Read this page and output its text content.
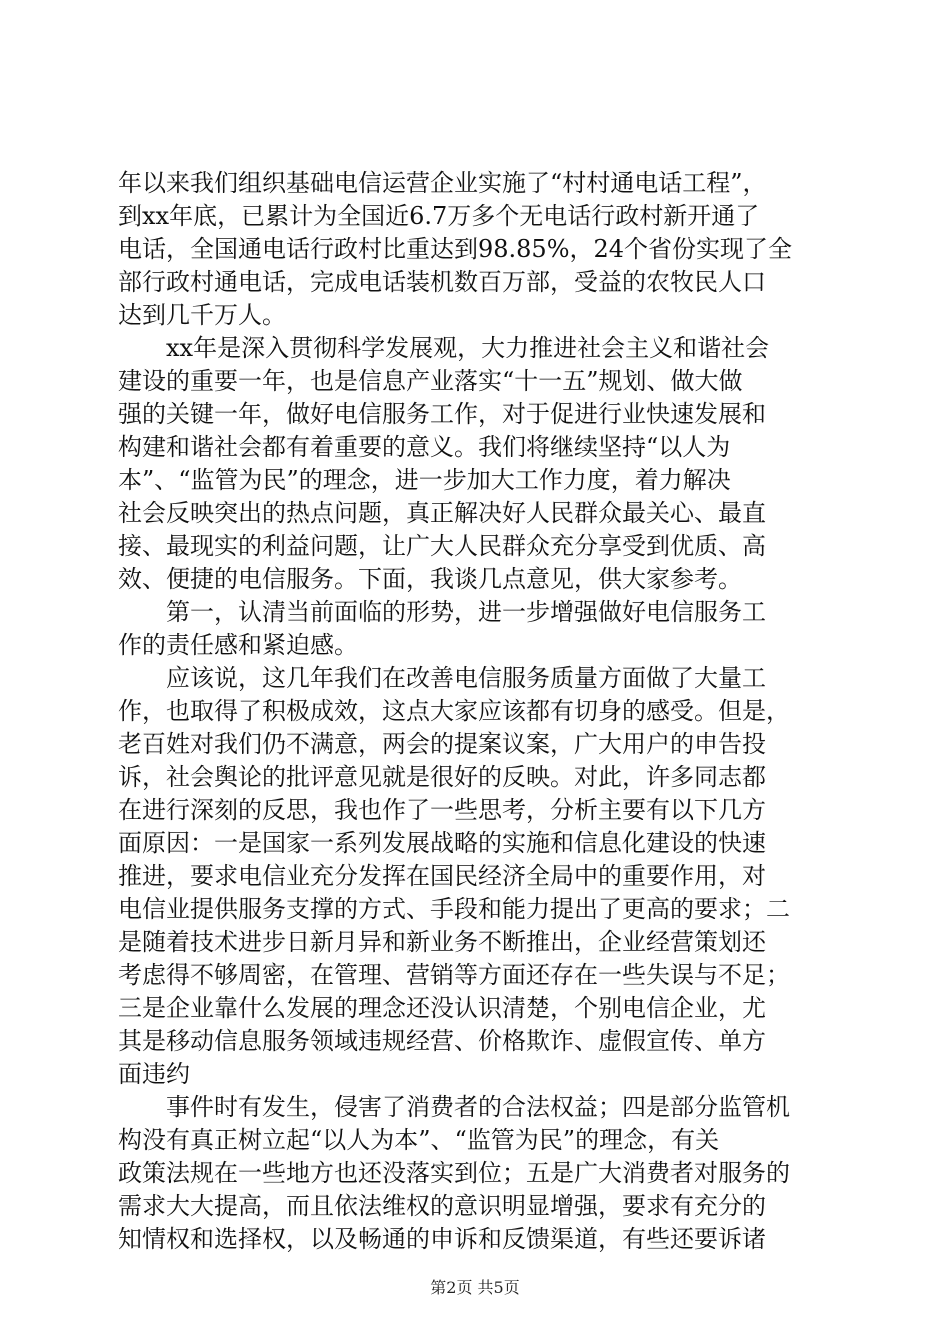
年以来我们组织基础电信运营企业实施了“村村通电话工程”，
到xx年底，已累计为全国近6.7万多个无电话行政村新开通了
电话，全国通电话行政村比重达到98.85%，24个省份实现了全
部行政村通电话，完成电话装机数百万部，受益的农牧民人口
达到几千万人。
xx年是深入贯彻科学发展观，大力推进社会主义和谐社会
建设的重要一年，也是信息产业落实“十一五”规划、做大做
强的关键一年，做好电信服务工作，对于促进行业快速发展和
构建和谐社会都有着重要的意义。我们将继续坚持“以人为
本”、“监管为民”的理念，进一步加大工作力度，着力解决
社会反映突出的热点问题，真正解决好人民群众最关心、最直
接、最现实的利益问题，让广大人民群众充分享受到优质、高
效、便捷的电信服务。下面，我谈几点意见，供大家参考。
第一，认清当前面临的形势，进一步增强做好电信服务工
作的责任感和紧迫感。
应该说，这几年我们在改善电信服务质量方面做了大量工
作，也取得了积极成效，这点大家应该都有切身的感受。但是，
老百姓对我们仍不满意，两会的提案议案，广大用户的申告投
诉，社会舆论的批评意见就是很好的反映。对此，许多同志都
在进行深刻的反思，我也作了一些思考，分析主要有以下几方
面原因：一是国家一系列发展战略的实施和信息化建设的快速
推进，要求电信业充分发挥在国民经济全局中的重要作用，对
电信业提供服务支撑的方式、手段和能力提出了更高的要求；二
是随着技术进步日新月异和新业务不断推出，企业经营策划还
考虑得不够周密，在管理、营销等方面还存在一些失误与不足；
三是企业靠什么发展的理念还没认识清楚，个别电信企业，尤
其是移动信息服务领域违规经营、价格欺诈、虚假宣传、单方
面违约
事件时有发生，侵害了消费者的合法权益；四是部分监管机
构没有真正树立起“以人为本”、“监管为民”的理念，有关
政策法规在一些地方也还没落实到位；五是广大消费者对服务的
需求大大提高，而且依法维权的意识明显增强，要求有充分的
知情权和选择权，以及畅通的申诉和反馈渠道，有些还要诉诸
第2页 共5页
